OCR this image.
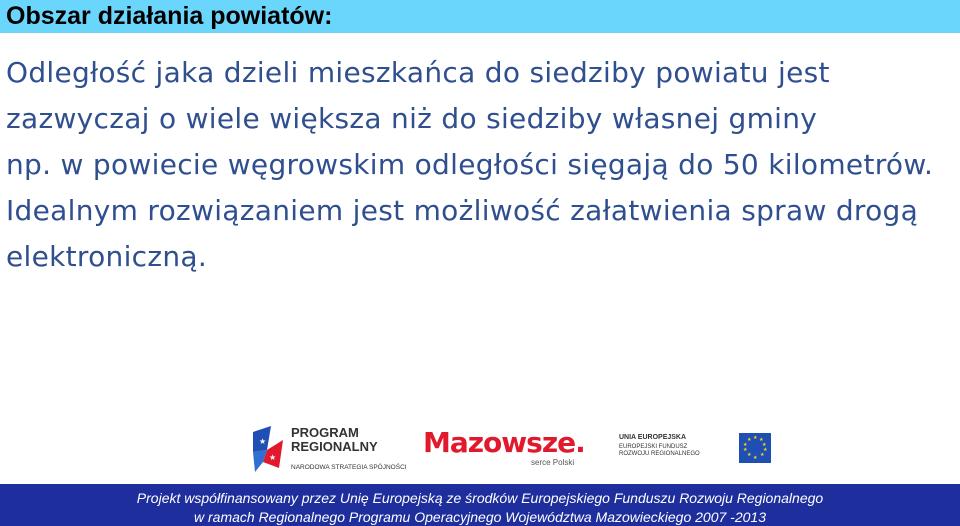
Obszar działania powiatów:
Odległość jaka dzieli mieszkańca do siedziby powiatu jest
zazwyczaj o wiele większa niż do siedziby własnej gminy
np. w powiecie węgrowskim odległości sięgają do 50 kilometrów.
Idealnym rozwiązaniem jest możliwość załatwienia spraw drogą
elektroniczną.
★
★
PROGRAM
REGIONALNY
NARODOWA STRATEGIA SPÓJNOŚCI
Mazowsze.
serce Polski
UNIA EUROPEJSKA
EUROPEJSKI FUNDUSZ
ROZWOJU REGIONALNEGO
★ ★
★
★
★
★
★
★
★
★
Projekt współfinansowany przez Unię Europejską ze środków Europejskiego Funduszu Rozwoju Regionalnego
w ramach Regionalnego Programu Operacyjnego Województwa Mazowieckiego 2007 -2013
